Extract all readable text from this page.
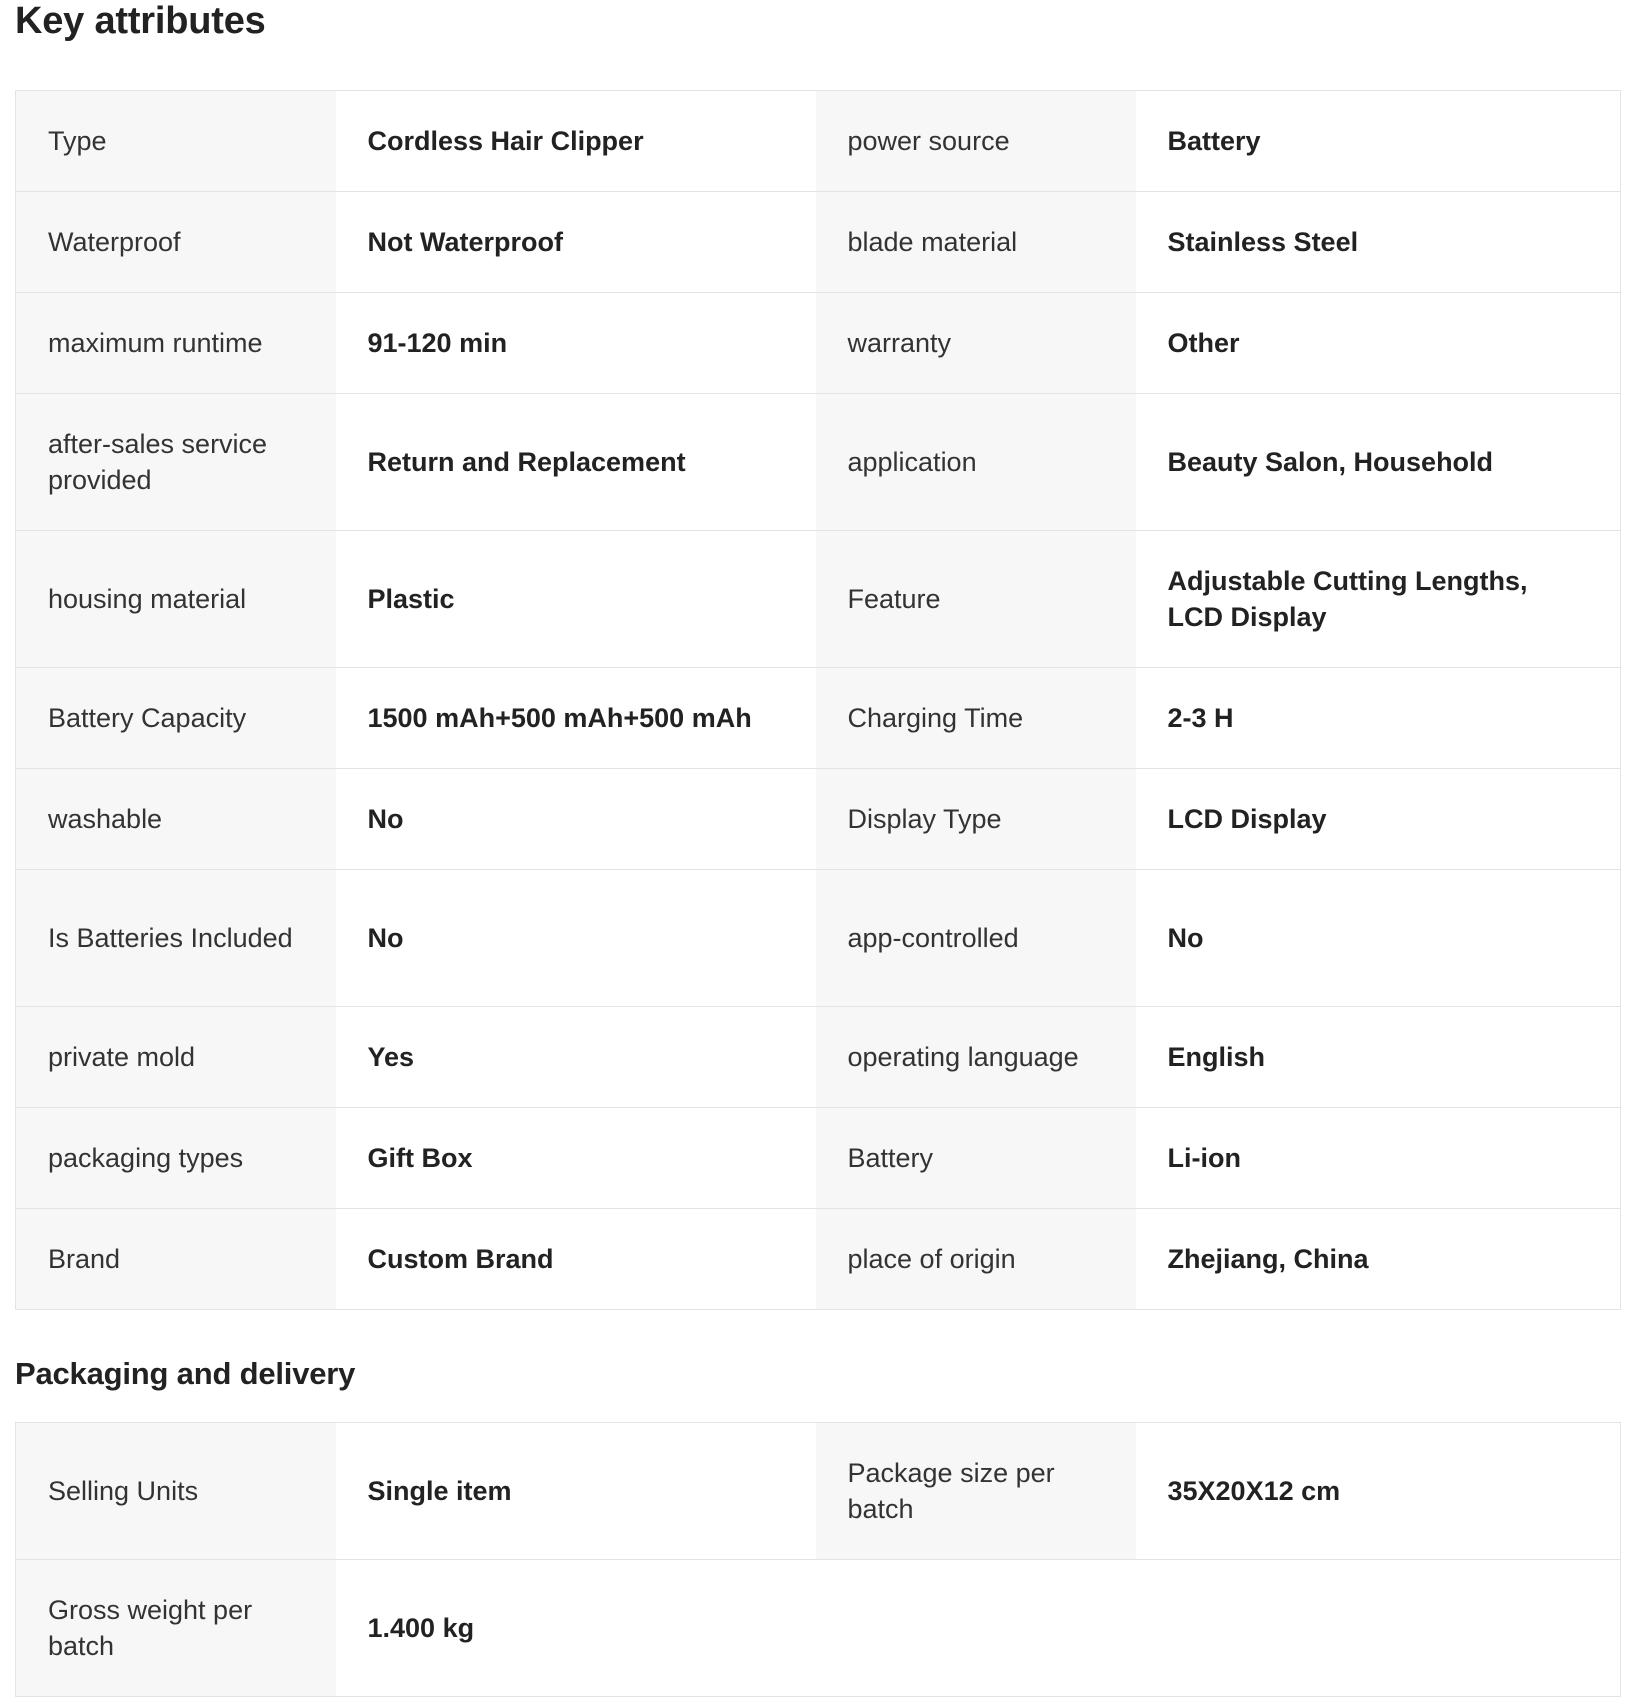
Key attributes
Type	Cordless Hair Clipper	power source	Battery
Waterproof	Not Waterproof	blade material	Stainless Steel
maximum runtime	91-120 min	warranty	Other
after-sales service provided	Return and Replacement	application	Beauty Salon, Household
housing material	Plastic	Feature	Adjustable Cutting Lengths, LCD Display
Battery Capacity	1500 mAh+500 mAh+500 mAh	Charging Time	2-3 H
washable	No	Display Type	LCD Display
Is Batteries Included	No	app-controlled	No
private mold	Yes	operating language	English
packaging types	Gift Box	Battery	Li-ion
Brand	Custom Brand	place of origin	Zhejiang, China
Packaging and delivery
Selling Units	Single item	Package size per batch	35X20X12 cm
Gross weight per batch	1.400 kg		
